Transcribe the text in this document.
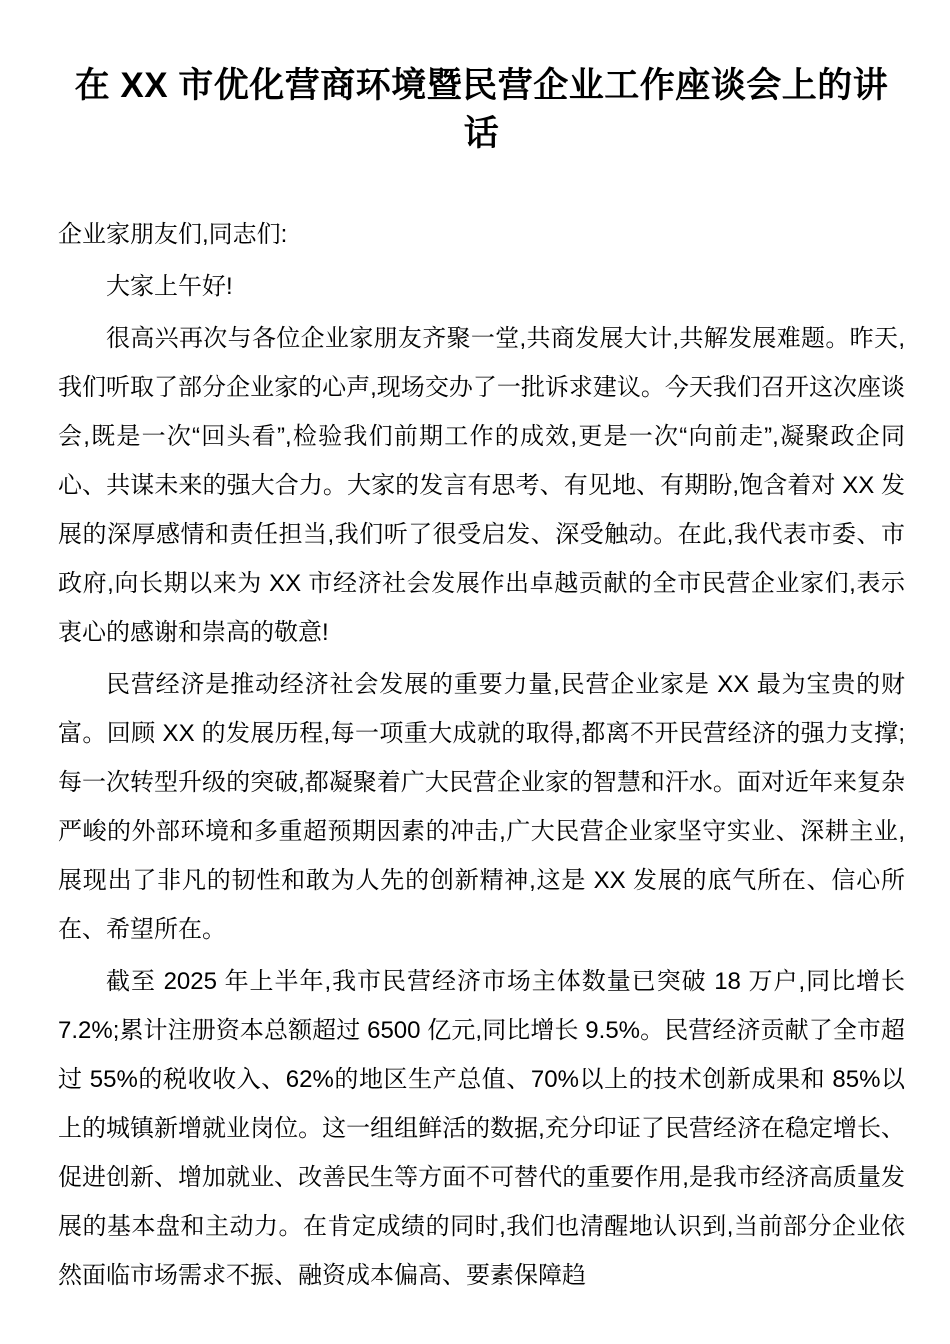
在 XX 市优化营商环境暨民营企业工作座谈会上的讲话

企业家朋友们,同志们:

大家上午好!

很高兴再次与各位企业家朋友齐聚一堂,共商发展大计,共解发展难题。昨天,我们听取了部分企业家的心声,现场交办了一批诉求建议。今天我们召开这次座谈会,既是一次“回头看”,检验我们前期工作的成效,更是一次“向前走”,凝聚政企同心、共谋未来的强大合力。大家的发言有思考、有见地、有期盼,饱含着对 XX 发展的深厚感情和责任担当,我们听了很受启发、深受触动。在此,我代表市委、市政府,向长期以来为 XX 市经济社会发展作出卓越贡献的全市民营企业家们,表示衷心的感谢和崇高的敬意!

民营经济是推动经济社会发展的重要力量,民营企业家是 XX 最为宝贵的财富。回顾 XX 的发展历程,每一项重大成就的取得,都离不开民营经济的强力支撑;每一次转型升级的突破,都凝聚着广大民营企业家的智慧和汗水。面对近年来复杂严峻的外部环境和多重超预期因素的冲击,广大民营企业家坚守实业、深耕主业,展现出了非凡的韧性和敢为人先的创新精神,这是 XX 发展的底气所在、信心所在、希望所在。

截至 2025 年上半年,我市民营经济市场主体数量已突破 18 万户,同比增长 7.2%;累计注册资本总额超过 6500 亿元,同比增长 9.5%。民营经济贡献了全市超过 55%的税收收入、62%的地区生产总值、70%以上的技术创新成果和 85%以上的城镇新增就业岗位。这一组组鲜活的数据,充分印证了民营经济在稳定增长、促进创新、增加就业、改善民生等方面不可替代的重要作用,是我市经济高质量发展的基本盘和主动力。在肯定成绩的同时,我们也清醒地认识到,当前部分企业依然面临市场需求不振、融资成本偏高、要素保障趋
